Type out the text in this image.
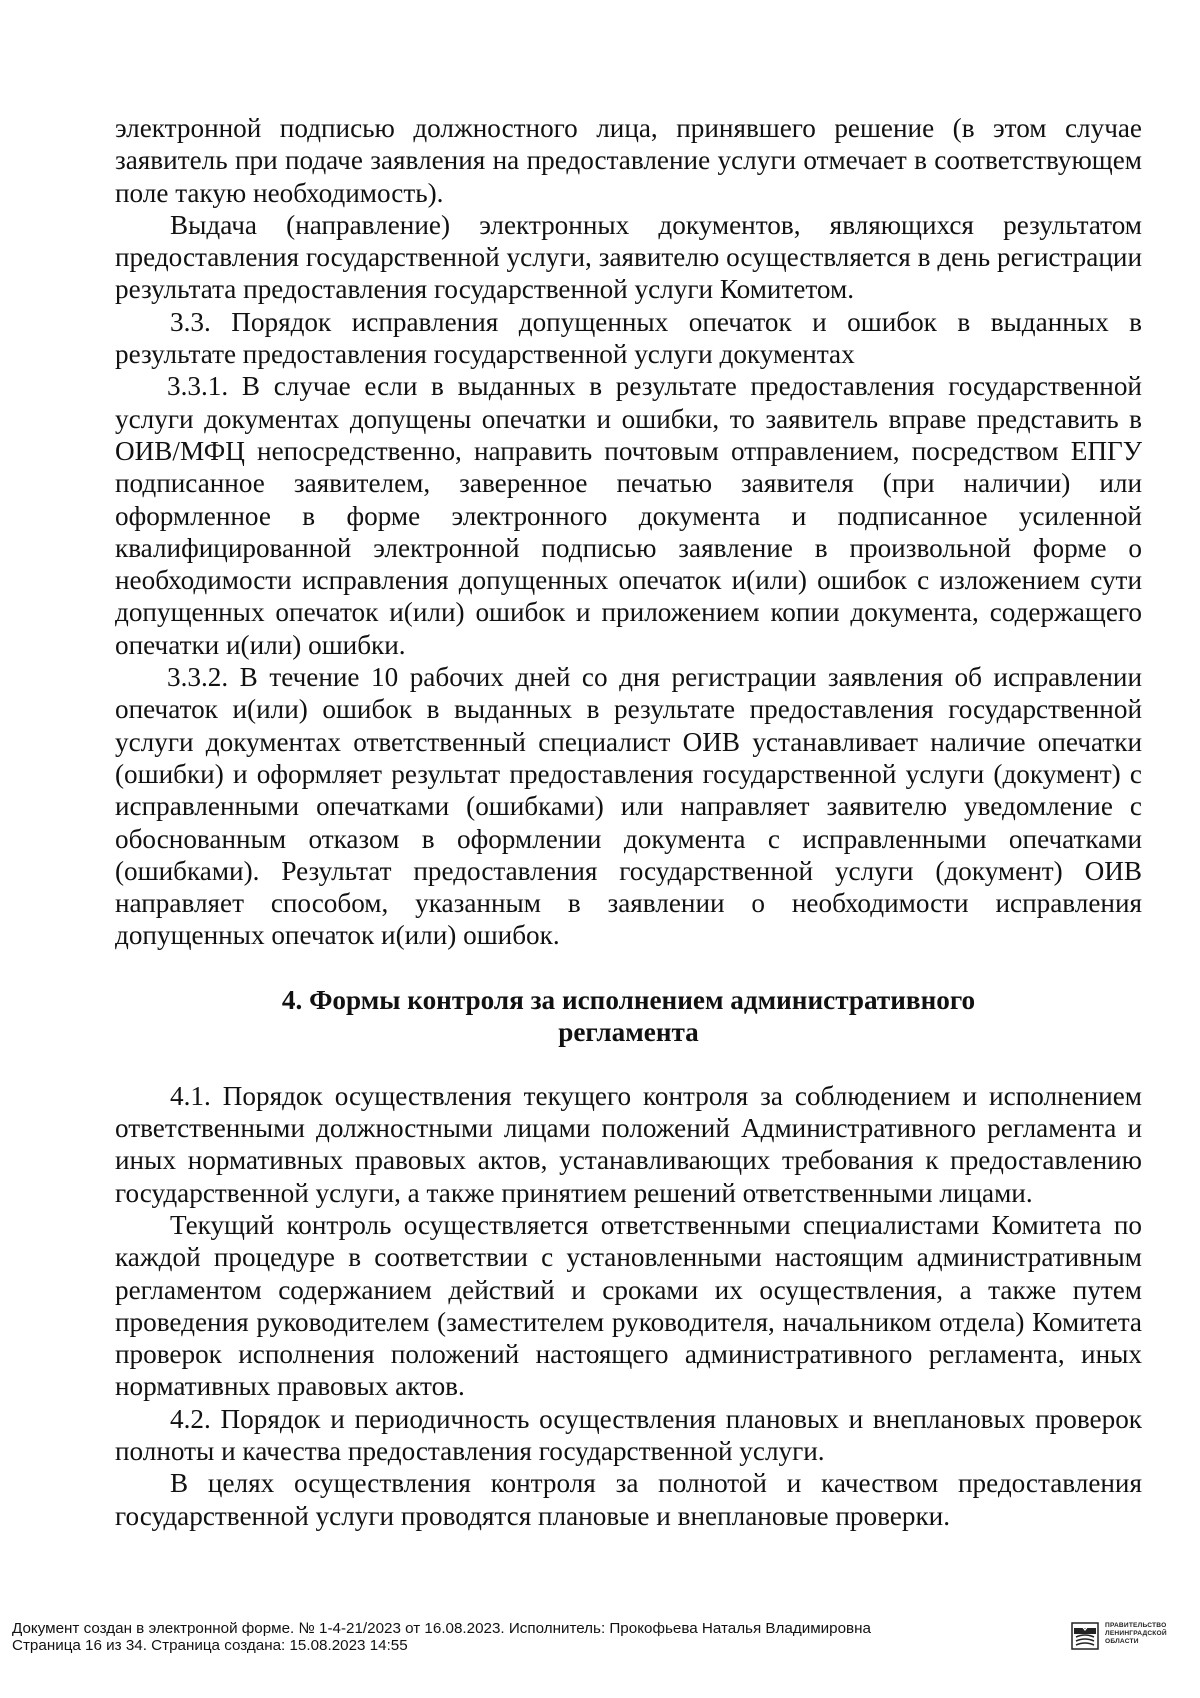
электронной подписью должностного лица, принявшего решение (в этом случае заявитель при подаче заявления на предоставление услуги отмечает в соответствующем поле такую необходимость).

Выдача (направление) электронных документов, являющихся результатом предоставления государственной услуги, заявителю осуществляется в день регистрации результата предоставления государственной услуги Комитетом.

3.3. Порядок исправления допущенных опечаток и ошибок в выданных в результате предоставления государственной услуги документах

3.3.1. В случае если в выданных в результате предоставления государственной услуги документах допущены опечатки и ошибки, то заявитель вправе представить в ОИВ/МФЦ непосредственно, направить почтовым отправлением, посредством ЕПГУ подписанное заявителем, заверенное печатью заявителя (при наличии) или оформленное в форме электронного документа и подписанное усиленной квалифицированной электронной подписью заявление в произвольной форме о необходимости исправления допущенных опечаток и(или) ошибок с изложением сути допущенных опечаток и(или) ошибок и приложением копии документа, содержащего опечатки и(или) ошибки.

3.3.2. В течение 10 рабочих дней со дня регистрации заявления об исправлении опечаток и(или) ошибок в выданных в результате предоставления государственной услуги документах ответственный специалист ОИВ устанавливает наличие опечатки (ошибки) и оформляет результат предоставления государственной услуги (документ) с исправленными опечатками (ошибками) или направляет заявителю уведомление с обоснованным отказом в оформлении документа с исправленными опечатками (ошибками). Результат предоставления государственной услуги (документ) ОИВ направляет способом, указанным в заявлении о необходимости исправления допущенных опечаток и(или) ошибок.

4. Формы контроля за исполнением административного
регламента

4.1. Порядок осуществления текущего контроля за соблюдением и исполнением ответственными должностными лицами положений Административного регламента и иных нормативных правовых актов, устанавливающих требования к предоставлению государственной услуги, а также принятием решений ответственными лицами.

Текущий контроль осуществляется ответственными специалистами Комитета по каждой процедуре в соответствии с установленными настоящим административным регламентом содержанием действий и сроками их осуществления, а также путем проведения руководителем (заместителем руководителя, начальником отдела) Комитета проверок исполнения положений настоящего административного регламента, иных нормативных правовых актов.

4.2. Порядок и периодичность осуществления плановых и внеплановых проверок полноты и качества предоставления государственной услуги.

В целях осуществления контроля за полнотой и качеством предоставления государственной услуги проводятся плановые и внеплановые проверки.

Документ создан в электронной форме. № 1-4-21/2023 от 16.08.2023. Исполнитель: Прокофьева Наталья Владимировна
Страница 16 из 34. Страница создана: 15.08.2023 14:55
ПРАВИТЕЛЬСТВО
ЛЕНИНГРАДСКОЙ
ОБЛАСТИ
